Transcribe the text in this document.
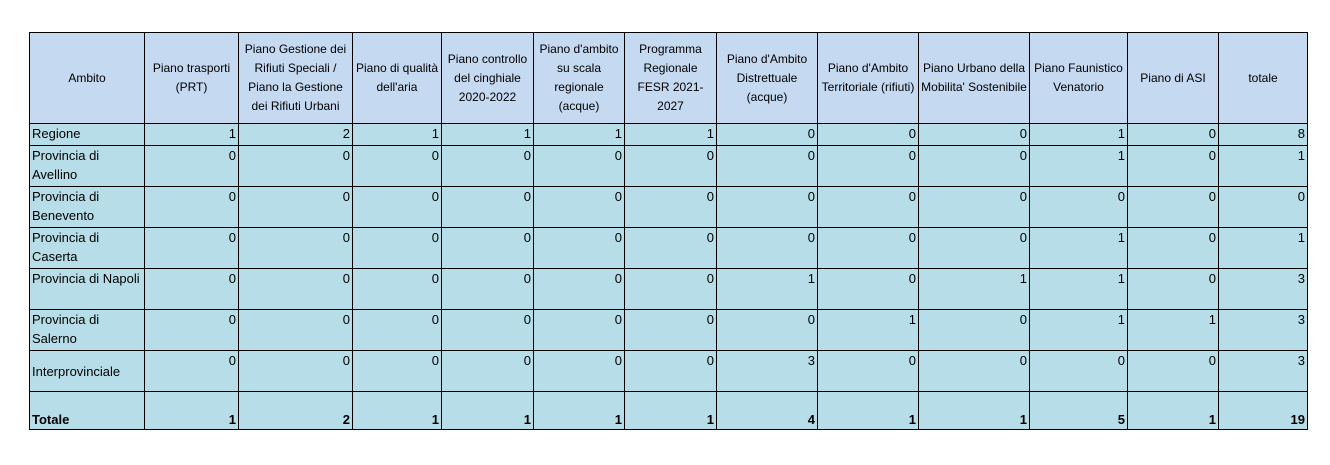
Ambito	Piano trasporti (PRT)	Piano Gestione dei Rifiuti Speciali / Piano la Gestione dei Rifiuti Urbani	Piano di qualità dell'aria	Piano controllo del cinghiale 2020-2022	Piano d'ambito su scala regionale (acque)	Programma Regionale FESR 2021-2027	Piano d'Ambito Distrettuale (acque)	Piano d'Ambito Territoriale (rifiuti)	Piano Urbano della Mobilita' Sostenibile	Piano Faunistico Venatorio	Piano di ASI	totale
Regione	1	2	1	1	1	1	0	0	0	1	0	8
Provincia di Avellino	0	0	0	0	0	0	0	0	0	1	0	1
Provincia di Benevento	0	0	0	0	0	0	0	0	0	0	0	0
Provincia di Caserta	0	0	0	0	0	0	0	0	0	1	0	1
Provincia di Napoli	0	0	0	0	0	0	1	0	1	1	0	3
Provincia di Salerno	0	0	0	0	0	0	0	1	0	1	1	3
Interprovinciale	0	0	0	0	0	0	3	0	0	0	0	3
Totale	1	2	1	1	1	1	4	1	1	5	1	19
